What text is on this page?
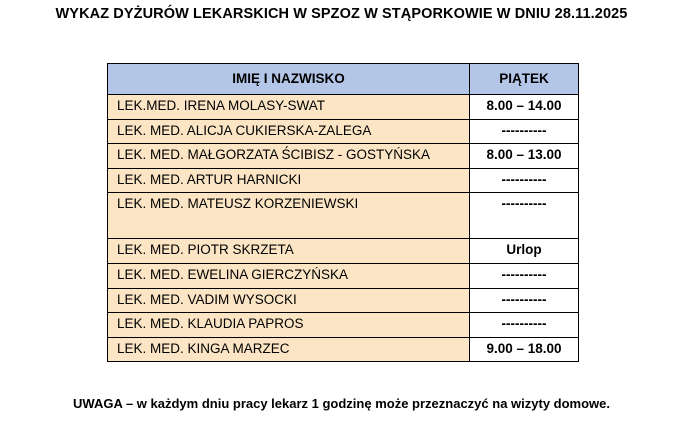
WYKAZ DYŻURÓW LEKARSKICH W SPZOZ W STĄPORKOWIE W DNIU 28.11.2025
IMIĘ I NAZWISKO	PIĄTEK
LEK.MED. IRENA MOLASY-SWAT	8.00 – 14.00
LEK. MED. ALICJA CUKIERSKA-ZALEGA	----------
LEK. MED. MAŁGORZATA ŚCIBISZ - GOSTYŃSKA	8.00 – 13.00
LEK. MED. ARTUR HARNICKI	----------
LEK. MED. MATEUSZ KORZENIEWSKI	----------
LEK. MED. PIOTR SKRZETA	Urlop
LEK. MED. EWELINA GIERCZYŃSKA	----------
LEK. MED. VADIM WYSOCKI	----------
LEK. MED. KLAUDIA PAPROS	----------
LEK. MED. KINGA MARZEC	9.00 – 18.00
UWAGA – w każdym dniu pracy lekarz 1 godzinę może przeznaczyć na wizyty domowe.
